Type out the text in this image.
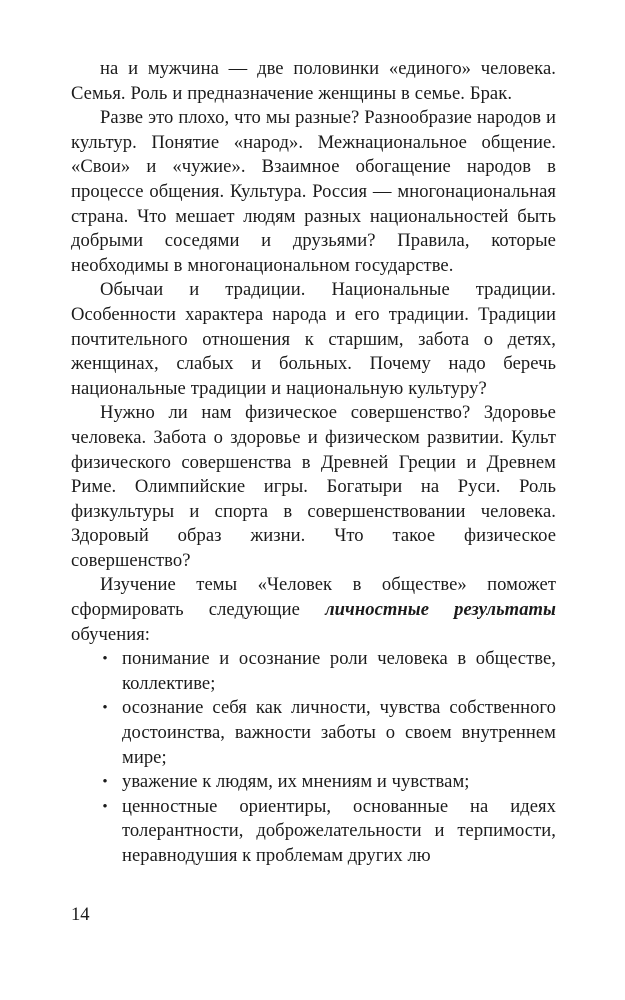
на и мужчина — две половинки «единого» человека. Семья. Роль и предназначение женщины в семье. Брак.

Разве это плохо, что мы разные? Разнообразие народов и культур. Понятие «народ». Межнациональное общение. «Свои» и «чужие». Взаимное обогащение народов в процессе общения. Культура. Россия — многонациональная страна. Что мешает людям разных национальностей быть добрыми соседями и друзьями? Правила, которые необходимы в многонациональном государстве.

Обычаи и традиции. Национальные традиции. Особенности характера народа и его традиции. Традиции почтительного отношения к старшим, забота о детях, женщинах, слабых и больных. Почему надо беречь национальные традиции и национальную культуру?

Нужно ли нам физическое совершенство? Здоровье человека. Забота о здоровье и физическом развитии. Культ физического совершенства в Древней Греции и Древнем Риме. Олимпийские игры. Богатыри на Руси. Роль физкультуры и спорта в совершенствовании человека. Здоровый образ жизни. Что такое физическое совершенство?

Изучение темы «Человек в обществе» поможет сформировать следующие личностные результаты обучения:

• понимание и осознание роли человека в обществе, коллективе;
• осознание себя как личности, чувства собственного достоинства, важности заботы о своем внутреннем мире;
• уважение к людям, их мнениям и чувствам;
• ценностные ориентиры, основанные на идеях толерантности, доброжелательности и терпимости, неравнодушия к проблемам других лю
14
